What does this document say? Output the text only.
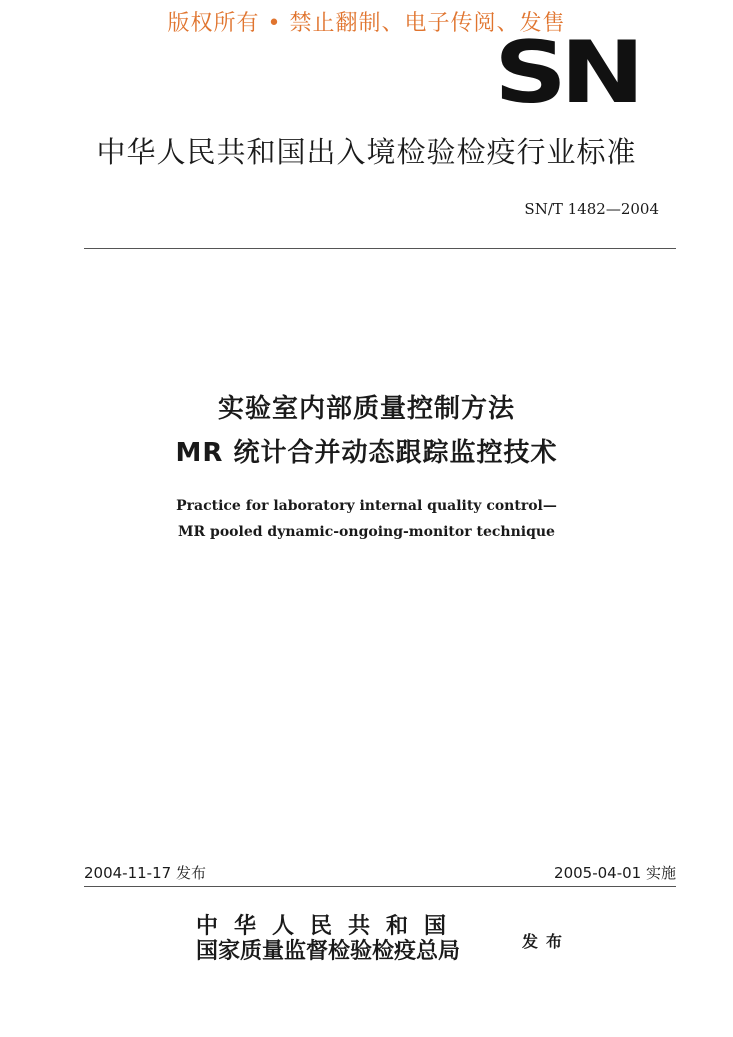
版权所有 • 禁止翻制、电子传阅、发售
SN
中华人民共和国出入境检验检疫行业标准
SN/T 1482—2004
实验室内部质量控制方法
MR 统计合并动态跟踪监控技术
Practice for laboratory internal quality control—
MR pooled dynamic-ongoing-monitor technique
2004-11-17 发布	2005-04-01 实施
中华人民共和国
国家质量监督检验检疫总局	发布
